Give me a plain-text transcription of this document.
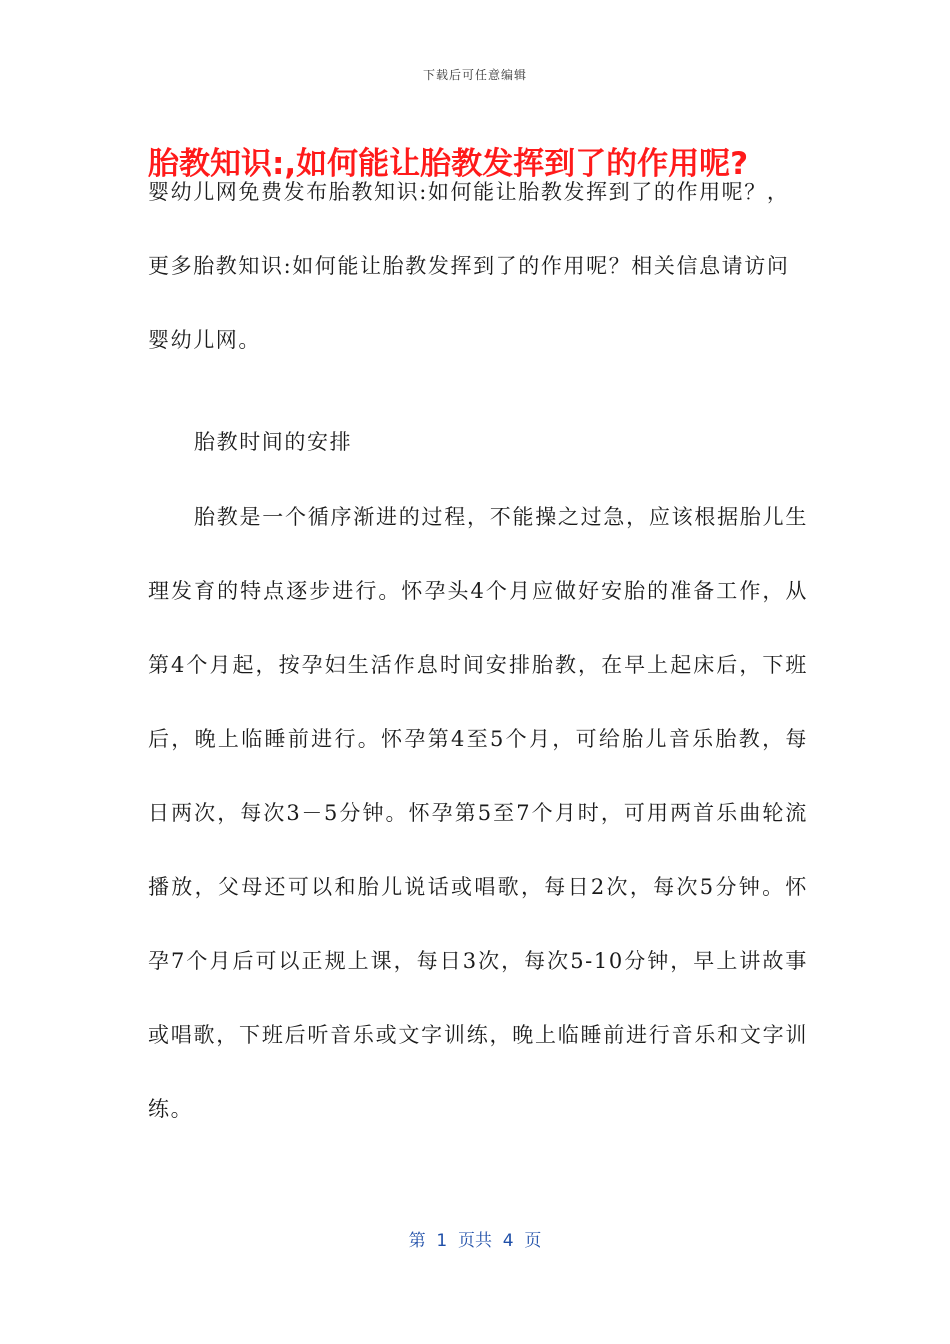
下载后可任意编辑
胎教知识:,如何能让胎教发挥到了的作用呢?

婴幼儿网免费发布胎教知识:如何能让胎教发挥到了的作用呢？，更多胎教知识:如何能让胎教发挥到了的作用呢？相关信息请访问婴幼儿网。

胎教时间的安排

胎教是一个循序渐进的过程，不能操之过急，应该根据胎儿生理发育的特点逐步进行。怀孕头4个月应做好安胎的准备工作，从第4个月起，按孕妇生活作息时间安排胎教，在早上起床后，下班后，晚上临睡前进行。怀孕第4至5个月，可给胎儿音乐胎教，每日两次，每次3－5分钟。怀孕第5至7个月时，可用两首乐曲轮流播放，父母还可以和胎儿说话或唱歌，每日2次，每次5分钟。怀孕7个月后可以正规上课，每日3次，每次5-10分钟，早上讲故事或唱歌，下班后听音乐或文字训练，晚上临睡前进行音乐和文字训练。

第  1  页共  4  页
